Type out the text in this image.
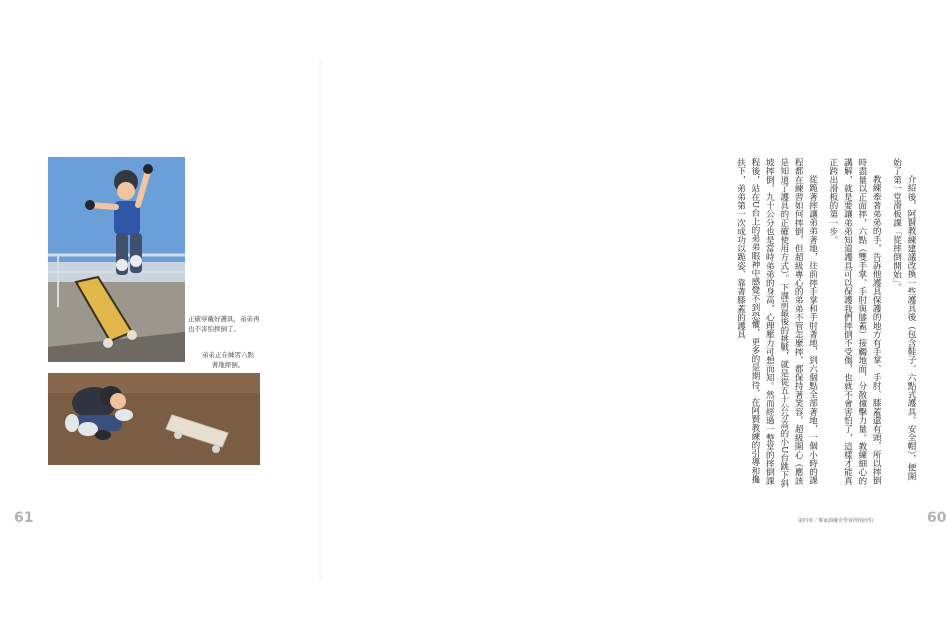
正確穿戴好護具，弟弟再也不害怕摔倒了。
弟弟正在練習六點著地摔倒。
61

介紹後，阿賢教練建議改換一些護具後（包含鞋子、六點式護具、安全帽），便開始了第一堂滑板課「從摔倒開始」。

教練牽著弟弟的手，告訴他護具保護的地方有手掌、手肘、膝蓋還有頭，所以摔倒時盡量以正面摔，六點（雙手掌、手肘與膝蓋）接觸地面，分散撞擊力量。教練細心的講解，就是要讓弟弟知道護具可以保護我們摔倒不受傷，也就不會害怕了，這樣才能真正跨出滑板的第一步。

從跪著摔讓弟弟著地，往前摔手掌和手肘著地，到六個點全部著地，一個小時的課程都在練習如何摔倒，但超級專心的弟弟不管怎麼摔，都保持著笑容，超級開心（應該是知道了護具的正確使用方式）。下課前最後的挑戰，就是從五十公分高的小U台跳下斜坡摔倒，九十公分也是當時弟弟的身高，心理壓力可想而知。然而經過一整堂的摔倒課程後，站在U台上的弟弟眼神中感覺不到恐懼，更多的是期待，在阿賢教練的引導和攙扶下，弟弟第一次成功以跪姿、靠著膝蓋的護具

第四章／專家訓練企學會摔倒而怕	60
